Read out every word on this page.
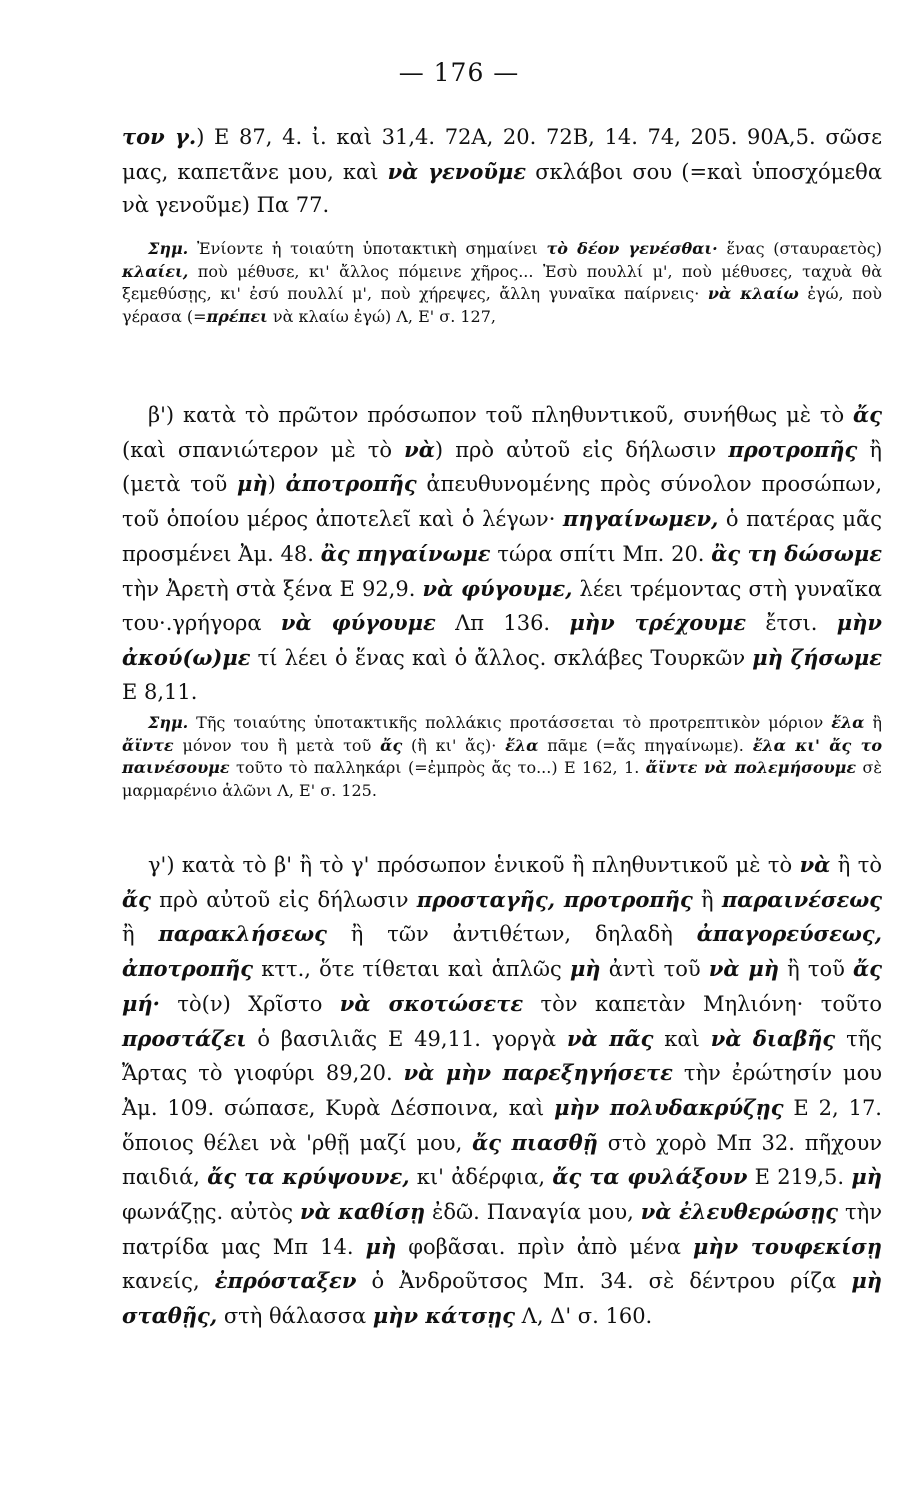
— 176 —

τον γ.) Ε 87, 4. ἰ. καὶ 31,4. 72Α, 20. 72Β, 14. 74, 205. 90Α,5. σῶσε μας, καπετᾶνε μου, καὶ νὰ γενοῦμε σκλάβοι σου (=καὶ ὑποσχόμεθα νὰ γενοῦμε) Πα 77.

Σημ. Ἐνίοντε ἡ τοιαύτη ὑποτακτικὴ σημαίνει τὸ δέον γενέσθαι· ἕνας (σταυραετὸς) κλαίει, ποὺ μέθυσε, κι' ἄλλος πόμεινε χῆρος... Ἐσὺ πουλλί μ', ποὺ μέθυσες, ταχυὰ θὰ ξεμεθύσῃς, κι' ἐσύ πουλλί μ', ποὺ χήρεψες, ἄλλη γυναῖκα παίρνεις· νὰ κλαίω ἐγώ, ποὺ γέρασα (=πρέπει νὰ κλαίω ἐγώ) Λ, Ε' σ. 127,

β') κατὰ τὸ πρῶτον πρόσωπον τοῦ πληθυντικοῦ, συνήθως μὲ τὸ ἄς (καὶ σπανιώτερον μὲ τὸ νὰ) πρὸ αὐτοῦ εἰς δήλωσιν προτροπῆς ἢ (μετὰ τοῦ μὴ) ἀποτροπῆς ἀπευθυνομένης πρὸς σύνολον προσώπων, τοῦ ὁποίου μέρος ἀποτελεῖ καὶ ὁ λέγων· πηγαίνωμεν, ὁ πατέρας μᾶς προσμένει Ἀμ. 48. ἂς πηγαίνωμε τώρα σπίτι Μπ. 20. ἂς τη δώσωμε τὴν Ἀρετὴ στὰ ξένα Ε 92,9. νὰ φύγουμε, λέει τρέμοντας στὴ γυναῖκα του·.γρήγορα νὰ φύγουμε Λπ 136. μὴν τρέχουμε ἔτσι. μὴν ἀκού(ω)με τί λέει ὁ ἕνας καὶ ὁ ἄλλος. σκλάβες Τουρκῶν μὴ ζήσωμε Ε 8,11.

Σημ. Τῆς τοιαύτης ὑποτακτικῆς πολλάκις προτάσσεται τὸ προτρεπτικὸν μόριον ἔλα ἢ ἄϊντε μόνον του ἢ μετὰ τοῦ ἄς (ἢ κι' ἄς)· ἔλα πᾶμε (=ἄς πηγαίνωμε). ἔλα κι' ἄς το παινέσουμε τοῦτο τὸ παλληκάρι (=ἐμπρὸς ἄς το...) Ε 162, 1. ἄϊντε νὰ πολεμήσουμε σὲ μαρμαρένιο ἁλῶνι Λ, Ε' σ. 125.

γ') κατὰ τὸ β' ἢ τὸ γ' πρόσωπον ἑνικοῦ ἢ πληθυντικοῦ μὲ τὸ νὰ ἢ τὸ ἄς πρὸ αὐτοῦ εἰς δήλωσιν προσταγῆς, προτροπῆς ἢ παραινέσεως ἢ παρακλήσεως ἢ τῶν ἀντιθέτων, δηλαδὴ ἀπαγορεύσεως, ἀποτροπῆς κττ., ὅτε τίθεται καὶ ἁπλῶς μὴ ἀντὶ τοῦ νὰ μὴ ἢ τοῦ ἄς μή· τὸ(ν) Χρῖστο νὰ σκοτώσετε τὸν καπετὰν Μηλιόνη· τοῦτο προστάζει ὁ βασιλιᾶς Ε 49,11. γοργὰ νὰ πᾶς καὶ νὰ διαβῆς τῆς Ἄρτας τὸ γιοφύρι 89,20. νὰ μὴν παρεξηγήσετε τὴν ἐρώτησίν μου Ἀμ. 109. σώπασε, Κυρὰ Δέσποινα, καὶ μὴν πολυδακρύζῃς Ε 2, 17. ὅποιος θέλει νὰ 'ρθῇ μαζί μου, ἄς πιασθῇ στὸ χορὸ Μπ 32. πῆχουν παιδιά, ἄς τα κρύψουνε, κι' ἀδέρφια, ἄς τα φυλάξουν Ε 219,5. μὴ φωνάζῃς. αὐτὸς νὰ καθίσῃ ἐδῶ. Παναγία μου, νὰ ἐλευθερώσῃς τὴν πατρίδα μας Μπ 14. μὴ φοβᾶσαι. πρὶν ἀπὸ μένα μὴν τουφεκίσῃ κανείς, ἐπρόσταξεν ὁ Ἀνδροῦτσος Μπ. 34. σὲ δέντρου ρίζα μὴ σταθῇς, στὴ θάλασσα μὴν κάτσῃς Λ, Δ' σ. 160.
